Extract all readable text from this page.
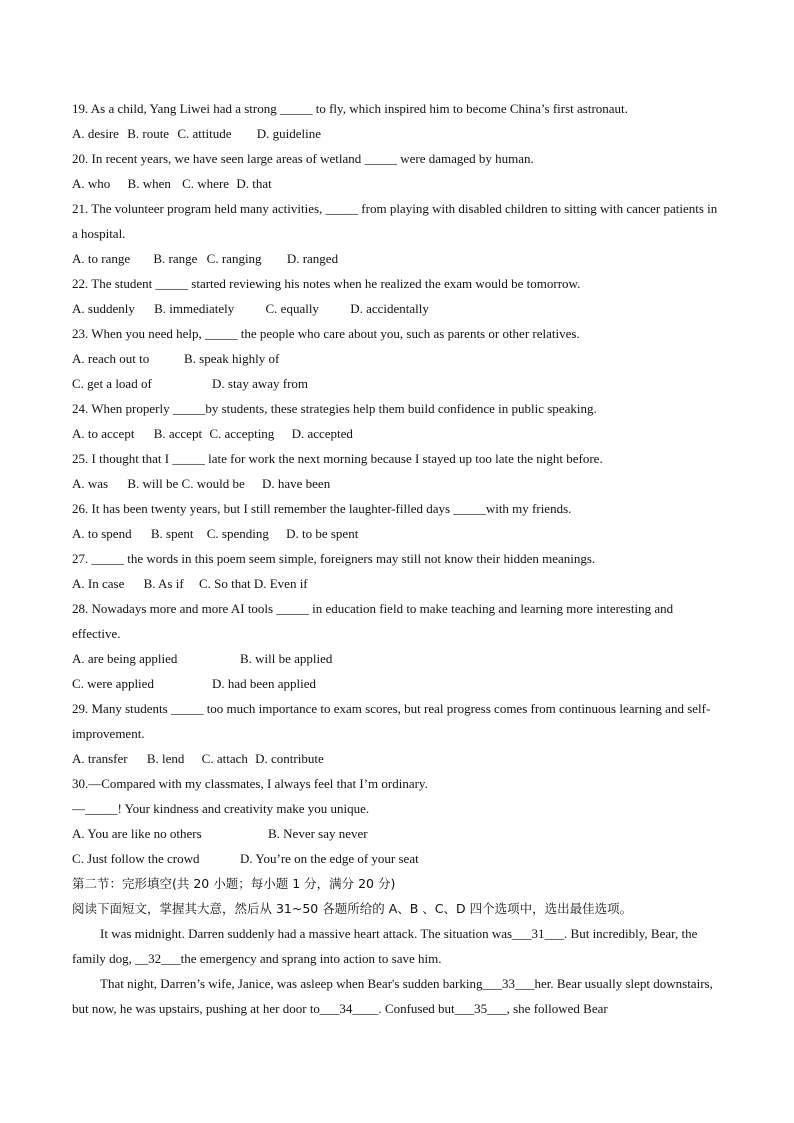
19. As a child, Yang Liwei had a strong _____ to fly, which inspired him to become China’s first astronaut.
A. desire B. route C. attitude D. guideline
20. In recent years, we have seen large areas of wetland _____ were damaged by human.
A. who B. when C. where D. that
21. The volunteer program held many activities, _____ from playing with disabled children to sitting with cancer patients in a hospital.
A. to range B. range C. ranging D. ranged
22. The student _____ started reviewing his notes when he realized the exam would be tomorrow.
A. suddenly B. immediately C. equally D. accidentally
23. When you need help, _____ the people who care about you, such as parents or other relatives.
A. reach out to	B. speak highly of
C. get a load of	D. stay away from
24. When properly _____by students, these strategies help them build confidence in public speaking.
A. to accept B. accept C. accepting D. accepted
25. I thought that I _____ late for work the next morning because I stayed up too late the night before.
A. was B. will be C. would be D. have been
26. It has been twenty years, but I still remember the laughter-filled days _____with my friends.
A. to spend B. spent C. spending D. to be spent
27. _____ the words in this poem seem simple, foreigners may still not know their hidden meanings.
A. In case B. As if C. So that D. Even if
28. Nowadays more and more AI tools _____ in education field to make teaching and learning more interesting and effective.
A. are being applied	B. will be applied
C. were applied	D. had been applied
29. Many students _____ too much importance to exam scores, but real progress comes from continuous learning and self-improvement.
A. transfer B. lend C. attach D. contribute
30.—Compared with my classmates, I always feel that I’m ordinary.
—_____! Your kindness and creativity make you unique.
A. You are like no others	B. Never say never
C. Just follow the crowd	D. You’re on the edge of your seat
第二节：完形填空(共 20 小题；每小题 1 分，满分 20 分)
阅读下面短文，掌握其大意，然后从 31~50 各题所给的 A、B 、C、D 四个选项中，选出最佳选项。
It was midnight. Darren suddenly had a massive heart attack. The situation was___31___. But incredibly, Bear, the family dog, __32___the emergency and sprang into action to save him.
That night, Darren’s wife, Janice, was asleep when Bear's sudden barking___33___her. Bear usually slept downstairs, but now, he was upstairs, pushing at her door to___34____. Confused but___35___, she followed Bear
